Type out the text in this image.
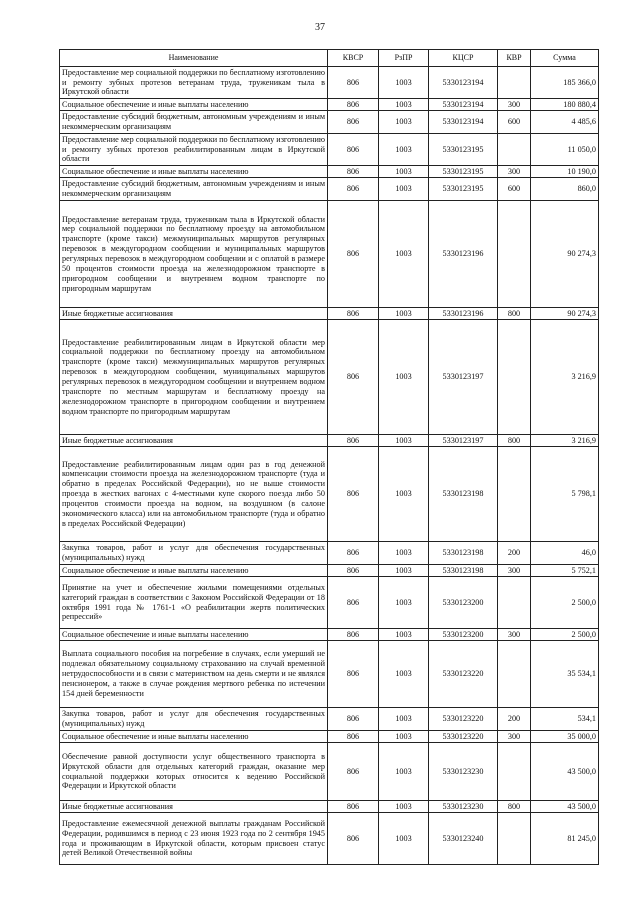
37
Наименование	КВСР	РзПР	КЦСР	КВР	Сумма
Предоставление мер социальной поддержки по бесплатному изготовлению и ремонту зубных протезов ветеранам труда, труженикам тыла в Иркутской области	806	1003	5330123194		185 366,0
Социальное обеспечение и иные выплаты населению	806	1003	5330123194	300	180 880,4
Предоставление субсидий бюджетным, автономным учреждениям и иным некоммерческим организациям	806	1003	5330123194	600	4 485,6
Предоставление мер социальной поддержки по бесплатному изготовлению и ремонту зубных протезов реабилитированным лицам в Иркутской области	806	1003	5330123195		11 050,0
Социальное обеспечение и иные выплаты населению	806	1003	5330123195	300	10 190,0
Предоставление субсидий бюджетным, автономным учреждениям и иным некоммерческим организациям	806	1003	5330123195	600	860,0
Предоставление ветеранам труда, труженикам тыла в Иркутской области мер социальной поддержки по бесплатному проезду на автомобильном транспорте (кроме такси) межмуниципальных маршрутов регулярных перевозок в междугородном сообщении и муниципальных маршрутов регулярных перевозок в междугородном сообщении и с оплатой в размере 50 процентов стоимости проезда на железнодорожном транспорте в пригородном сообщении и внутреннем водном транспорте по пригородным маршрутам	806	1003	5330123196		90 274,3
Иные бюджетные ассигнования	806	1003	5330123196	800	90 274,3
Предоставление реабилитированным лицам в Иркутской области мер социальной поддержки по бесплатному проезду на автомобильном транспорте (кроме такси) межмуниципальных маршрутов регулярных перевозок в междугородном сообщении, муниципальных маршрутов регулярных перевозок в междугородном сообщении и внутреннем водном транспорте по местным маршрутам и бесплатному проезду на железнодорожном транспорте в пригородном сообщении и внутреннем водном транспорте по пригородным маршрутам	806	1003	5330123197		3 216,9
Иные бюджетные ассигнования	806	1003	5330123197	800	3 216,9
Предоставление реабилитированным лицам один раз в год денежной компенсации стоимости проезда на железнодорожном транспорте (туда и обратно в пределах Российской Федерации), но не выше стоимости проезда в жестких вагонах с 4-местными купе скорого поезда либо 50 процентов стоимости проезда на водном, на воздушном (в салоне экономического класса) или на автомобильном транспорте (туда и обратно в пределах Российской Федерации)	806	1003	5330123198		5 798,1
Закупка товаров, работ и услуг для обеспечения государственных (муниципальных) нужд	806	1003	5330123198	200	46,0
Социальное обеспечение и иные выплаты населению	806	1003	5330123198	300	5 752,1
Принятие на учет и обеспечение жилыми помещениями отдельных категорий граждан в соответствии с Законом Российской Федерации от 18 октября 1991 года № 1761-1 «О реабилитации жертв политических репрессий»	806	1003	5330123200		2 500,0
Социальное обеспечение и иные выплаты населению	806	1003	5330123200	300	2 500,0
Выплата социального пособия на погребение в случаях, если умерший не подлежал обязательному социальному страхованию на случай временной нетрудоспособности и в связи с материнством на день смерти и не являлся пенсионером, а также в случае рождения мертвого ребенка по истечении 154 дней беременности	806	1003	5330123220		35 534,1
Закупка товаров, работ и услуг для обеспечения государственных (муниципальных) нужд	806	1003	5330123220	200	534,1
Социальное обеспечение и иные выплаты населению	806	1003	5330123220	300	35 000,0
Обеспечение равной доступности услуг общественного транспорта в Иркутской области для отдельных категорий граждан, оказание мер социальной поддержки которых относится к ведению Российской Федерации и Иркутской области	806	1003	5330123230		43 500,0
Иные бюджетные ассигнования	806	1003	5330123230	800	43 500,0
Предоставление ежемесячной денежной выплаты гражданам Российской Федерации, родившимся в период с 23 июня 1923 года по 2 сентября 1945 года и проживающим в Иркутской области, которым присвоен статус детей Великой Отечественной войны	806	1003	5330123240		81 245,0
